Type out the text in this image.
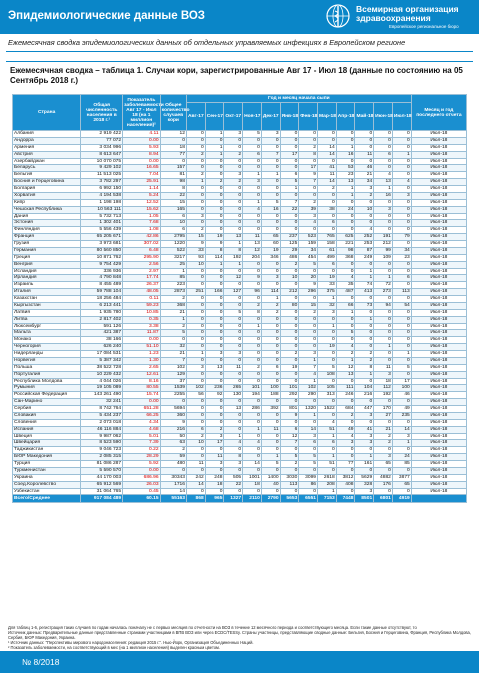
Эпидемиологические данные ВОЗ
Всемирная организация
здравоохранения
Европейское региональное бюро
Ежемесячная сводка эпидемиологических данных об отдельных управляемых инфекциях в Европейском регионе
Ежемесячная сводка – таблица 1. Случаи кори, зарегистрированные Авг 17 - Июл 18 (данные по состоянию на 05 Сентябрь 2018 г.)
Страна	Общая численность населения в 2018 г.¹	Показатель заболеваемости Авг 17 - Июл 18 (на 1 миллион населения)²	Общее количество случаев кори	Год и месяц начала сыпи												Месяц и год последнего отчета
				Авг-17	Сен-17	Окт-17	Ноя-17	Дек-17	Янв-18	Фев-18	Мар-18	Апр-18	Май-18	Июн-18	Июл-18	
Албания	2 919 422	4.11	12	0	1	3	5	3	0	0	0	0	0	0	0	Июл-18
Андорра	77 072	0.00	0	0	0	0	0	0	0	0	0	0	0	0	0	Июл-18
Армения	3 034 996	5.93	18	0	1	0	0	0	0	2	14	1	0	0	0	Июл-18
Австрия	8 613 647	8.94	77	2	1	2	6	7	17	8	14	16	11	6	1	Июл-18
Азербайджан	10 070 075	0.00	0	0	0	0	0	0	0	0	0	0	0	0	0	Июл-18
Беларусь	9 429 102	16.65	157	0	0	0	0	0	0	17	41	53	46	0	0	Июл-18
Бельгия	11 513 025	7.04	81	2	0	3	1	1	6	9	11	23	21	4	0	Июл-18
Босния и Герцеговина	3 782 297	25.91	98	1	2	2	3	0	5	7	14	13	34	13	4	Июл-18
Болгария	6 992 150	1.14	8	0	0	0	0	0	1	0	2	1	3	1	0	Июл-18
Хорватия	4 194 538	5.24	22	0	0	0	0	0	0	0	0	1	2	16	3	Июл-18
Кипр	1 198 198	12.52	15	0	0	0	1	5	7	2	0	0	0	0	0	Июл-18
Чешская Республика	10 563 111	15.62	165	0	0	0	4	16	22	39	38	24	10	3	0	Июл-18
Дания	5 732 713	1.05	6	3	0	0	0	0	0	3	0	0	0	0	0	Июл-18
Эстония	1 302 401	7.68	10	0	0	0	0	0	0	4	6	0	0	0	0	Июл-18
Финляндия	5 556 439	1.08	6	2	0	0	0	0	0	0	0	0	4	0	0	Июл-18
Франция	65 205 671	42.86	2795	15	19	13	11	65	237	523	765	625	252	191	79	Июл-18
Грузия	3 973 681	307.02	1220	9	9	1	13	60	125	159	158	221	253	212	0	Июл-18
Германия	80 560 850	6.48	522	33	8	8	12	19	29	34	61	98	87	99	34	Июл-18
Греция	10 871 762	295.90	3217	93	114	192	204	346	486	454	499	368	249	109	23	Июл-18
Венгрия	9 754 429	2.56	25	10	1	1	0	0	2	5	6	0	0	0	0	Июл-18
Исландия	336 936	2.97	1	0	0	0	0	0	0	0	0	0	1	0	0	Июл-18
Ирландия	4 790 848	17.74	85	0	0	12	9	3	10	20	19	4	1	1	6	Июл-18
Израиль	8 455 489	26.37	223	0	0	0	0	0	0	9	33	35	74	72	0	Июл-18
Италия	59 788 104	48.05	2873	251	166	127	96	114	212	296	375	487	413	273	113	Июл-18
Казахстан	18 256 484	0.11	2	0	0	0	0	1	0	0	1	0	0	0	0	Июл-18
Кыргызстан	6 213 441	59.23	368	0	0	0	2	2	80	15	32	66	73	94	54	Июл-18
Латвия	1 935 780	10.85	21	0	0	5	8	2	0	2	3	1	0	0	0	Июл-18
Литва	2 817 402	0.35	1	0	0	0	0	0	0	0	0	0	1	0	0	Июл-18
Люксембург	591 126	3.38	2	0	0	0	1	0	0	0	1	0	0	0	0	Июл-18
Мальта	421 387	11.87	5	0	0	0	0	0	0	0	0	5	0	0	0	Июл-18
Монако	38 166	0.00	0	0	0	0	0	0	0	0	0	0	0	0	0	Июл-18
Черногория	626 240	51.10	32	0	0	0	0	0	0	0	19	4	0	1	0	Июл-18
Нидерланды	17 084 531	1.23	21	1	3	3	0	0	2	3	0	2	2	0	1	Июл-18
Норвегия	5 387 342	1.30	7	0	0	0	0	0	0	1	0	1	2	0	0	Июл-18
Польша	38 522 728	2.65	102	3	13	11	2	6	19	7	5	12	8	11	5	Июл-18
Португалия	10 229 432	12.61	129	0	0	0	0	0	0	4	108	13	1	3	0	Июл-18
Республика Молдова	4 044 026	8.16	37	0	0	0	0	0	0	1	0	0	0	18	17	Июл-18
Румыния	19 105 089	80.55	1539	102	236	265	101	100	101	102	105	111	104	112	100	Июл-18
Российская Федерация	143 261 490	15.74	2255	56	92	130	194	188	292	290	313	246	216	192	46	Июл-18
Сан-Марино	32 241	0.00	0	0	0	0	0	0	0	0	0	0	0	0	0	Июл-18
Сербия	8 742 764	651.28	5694	0	0	13	286	392	801	1320	1522	684	447	170	49	Июл-18
Словакия	5 434 237	66.25	360	0	0	0	0	0	9	1	0	2	3	27	235	Июл-18
Словения	2 073 018	4.34	9	0	0	0	0	0	0	0	4	0	0	0	0	Июл-18
Испания	46 116 884	4.68	216	6	2	0	1	11	6	14	51	49	41	21	14	Июл-18
Швеция	9 987 062	5.01	50	2	3	1	0	0	12	3	1	4	3	2	3	Июл-18
Швейцария	8 523 590	7.39	63	10	17	4	4	0	7	6	6	3	3	2	1	Июл-18
Таджикистан	9 046 723	0.22	2	0	0	0	0	0	0	0	0	0	0	0	0	Июл-18
БЮР Македония	2 085 315	28.29	59	0	11	8	0	1	5	5	1	0	1	3	24	Июл-18
Турция	81 086 287	5.92	480	11	3	3	14	5	2	5	51	77	161	65	85	Июл-18
Туркменистан	5 590 570	0.00	0	0	0	0	0	0	0	0	0	0	0	0	0	Июл-18
Украина	44 170 003	686.96	30343	242	248	505	1001	1400	3030	3099	2618	3812	5629	4882	3877	Июл-18
Соед.Королевство	65 912 569	26.03	1716	14	18	22	18	40	113	86	208	408	328	176	65	Июл-18
Узбекистан	31 064 765	0.45	14	0	0	0	0	0	0	0	1	0	3	0	0	Июл-18
Всего/Среднее	917 084 489	60.15	55163	868	965	1327	2110	2790	5653	6551	7153	7448	8501	6801	4919	
Для таблиц 1-6, регистрация таких случаев по годам началась поначалу не с первых месяцев по отчетности на ВОЗ в течение 12 месячного периода и соответствующего месяца. Если такие данные отсутствуют, то
Источник данных: Предварительные данные представленные странами участницами в ВПВ ВОЗ или через ECDC/TESSy. Страны участницы, представляющие сводные данные: Бельгия, Босния и Герцеговина, Франция, Республика Молдова, Сербия, БЮР Македония, Украина.
¹ Источник данных: "Перспективы мирового народонаселения: редакция 2015 г.". Нью-Йорк, Организация Объединенных Наций.
² Показатель заболеваемости, на соответствующий в мес (на 1 миллион населения) выделен красным цветом.
№ 8/2018
